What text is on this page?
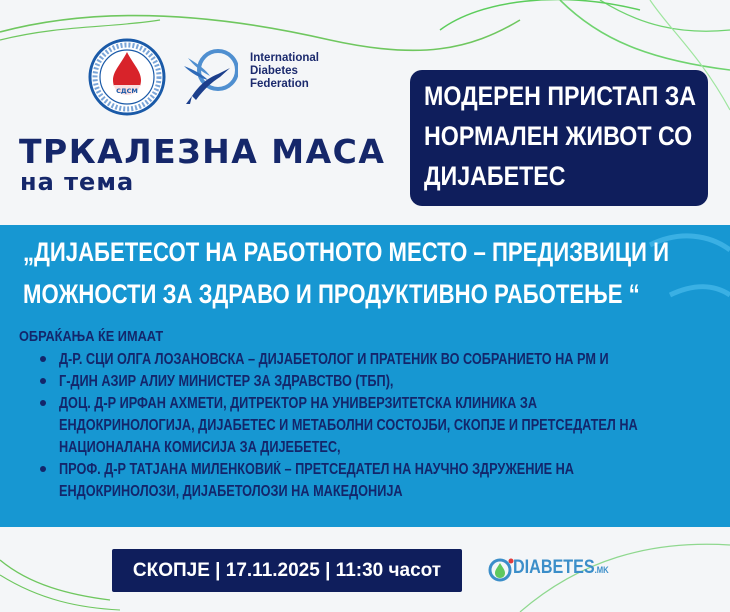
СДСМ
International
Diabetes
Federation
ТРКАЛЕЗНА МАСА
на тема
МОДЕРЕН ПРИСТАП ЗА
НОРМАЛЕН ЖИВОТ СО
ДИЈАБЕТЕС
„ДИЈАБЕТЕСОТ НА РАБОТНОТО МЕСТО – ПРЕДИЗВИЦИ И
МОЖНОСТИ ЗА ЗДРАВО И ПРОДУКТИВНО РАБОТЕЊЕ “
ОБРАЌАЊА ЌЕ ИМААТ
Д-Р. СЦИ ОЛГА ЛОЗАНОВСКА – ДИЈАБЕТОЛОГ И ПРАТЕНИК ВО СОБРАНИЕТО НА РМ И
Г-ДИН АЗИР АЛИУ МИНИСТЕР ЗА ЗДРАВСТВО (ТБП),
ДОЦ. Д-Р ИРФАН АХМЕТИ, ДИТРЕКТОР НА УНИВЕРЗИТЕТСКА КЛИНИКА ЗА
ЕНДОКРИНОЛОГИЈА, ДИЈАБЕТЕС И МЕТАБОЛНИ СОСТОЈБИ, СКОПЈЕ И ПРЕТСЕДАТЕЛ НА
НАЦИОНАЛАНА КОМИСИЈА ЗА ДИЈЕБЕТЕС,
ПРОФ. Д-Р ТАТЈАНА МИЛЕНКОВИЌ – ПРЕТСЕДАТЕЛ НА НАУЧНО ЗДРУЖЕНИЕ НА
ЕНДОКРИНОЛОЗИ, ДИЈАБЕТОЛОЗИ НА МАКЕДОНИЈА
СКОПЈЕ | 17.11.2025 | 11:30 часот	DIABETES.MK
